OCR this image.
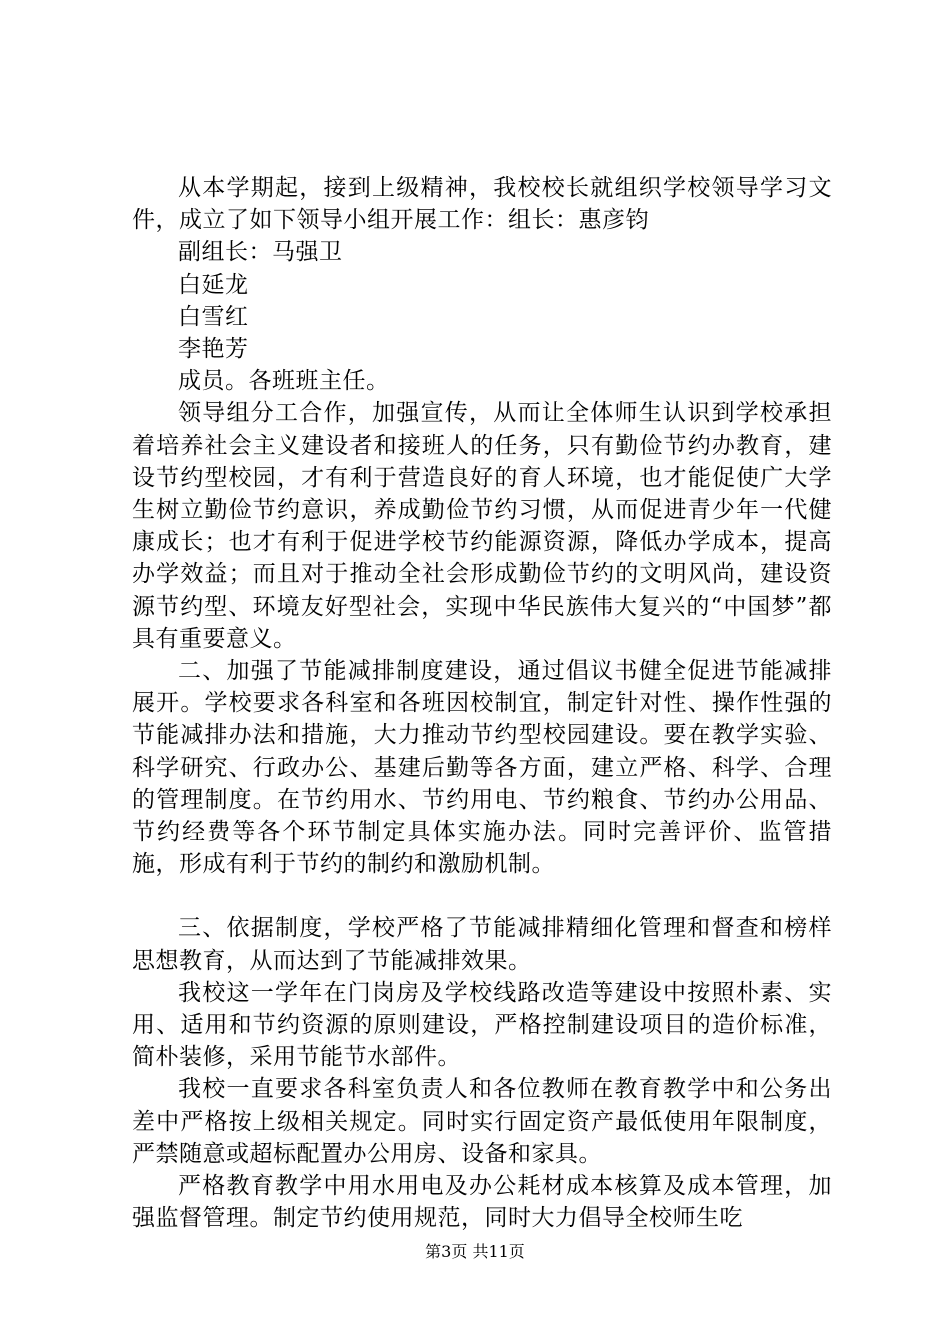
从本学期起，接到上级精神，我校校长就组织学校领导学习文件，成立了如下领导小组开展工作：组长：惠彦钧

副组长：马强卫

白延龙

白雪红

李艳芳

成员。各班班主任。

领导组分工合作，加强宣传，从而让全体师生认识到学校承担着培养社会主义建设者和接班人的任务，只有勤俭节约办教育，建设节约型校园，才有利于营造良好的育人环境，也才能促使广大学生树立勤俭节约意识，养成勤俭节约习惯，从而促进青少年一代健康成长；也才有利于促进学校节约能源资源，降低办学成本，提高办学效益；而且对于推动全社会形成勤俭节约的文明风尚，建设资源节约型、环境友好型社会，实现中华民族伟大复兴的“中国梦”都具有重要意义。

二、加强了节能减排制度建设，通过倡议书健全促进节能减排展开。学校要求各科室和各班因校制宜，制定针对性、操作性强的节能减排办法和措施，大力推动节约型校园建设。要在教学实验、科学研究、行政办公、基建后勤等各方面，建立严格、科学、合理的管理制度。在节约用水、节约用电、节约粮食、节约办公用品、节约经费等各个环节制定具体实施办法。同时完善评价、监管措施，形成有利于节约的制约和激励机制。

三、依据制度，学校严格了节能减排精细化管理和督查和榜样思想教育，从而达到了节能减排效果。

我校这一学年在门岗房及学校线路改造等建设中按照朴素、实用、适用和节约资源的原则建设，严格控制建设项目的造价标准，简朴装修，采用节能节水部件。

我校一直要求各科室负责人和各位教师在教育教学中和公务出差中严格按上级相关规定。同时实行固定资产最低使用年限制度，严禁随意或超标配置办公用房、设备和家具。

严格教育教学中用水用电及办公耗材成本核算及成本管理，加强监督管理。制定节约使用规范，同时大力倡导全校师生吃

第3页 共11页
